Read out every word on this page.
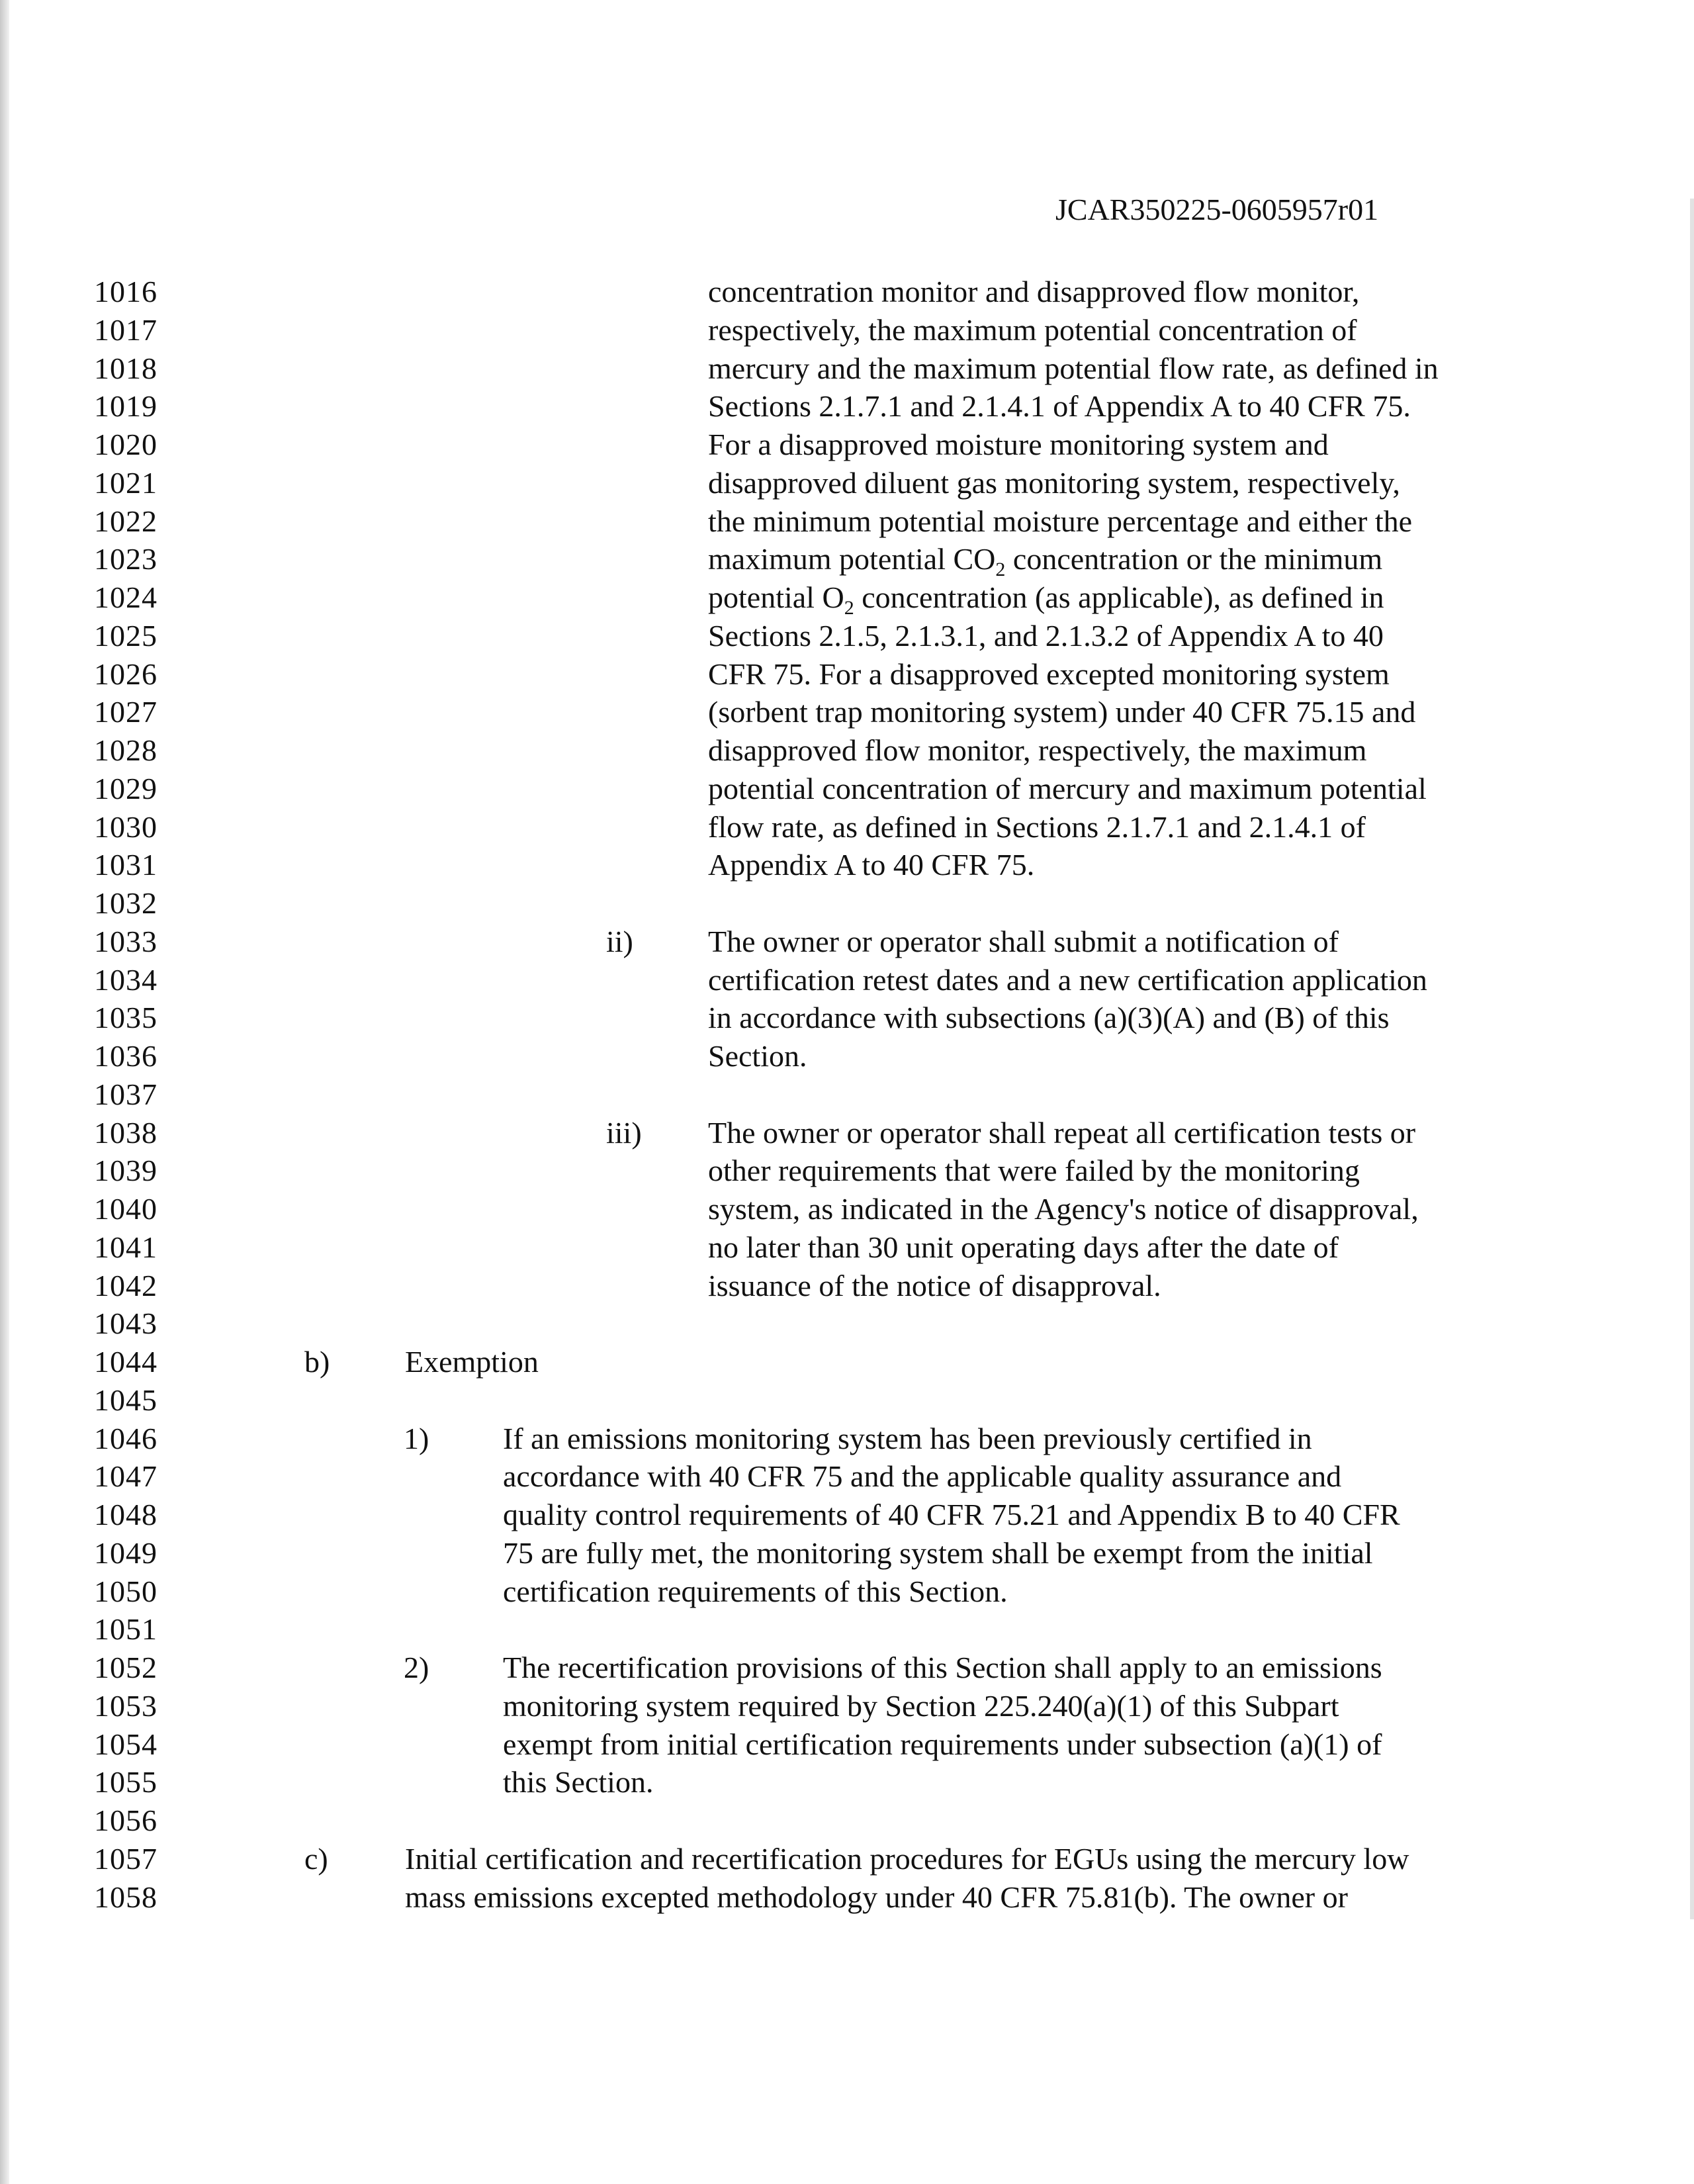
JCAR350225-0605957r01
1016	concentration monitor and disapproved flow monitor,
1017	respectively, the maximum potential concentration of
1018	mercury and the maximum potential flow rate, as defined in
1019	Sections 2.1.7.1 and 2.1.4.1 of Appendix A to 40 CFR 75.
1020	For a disapproved moisture monitoring system and
1021	disapproved diluent gas monitoring system, respectively,
1022	the minimum potential moisture percentage and either the
1023	maximum potential $CO_2$ concentration or the minimum
1024	potential $O_2$ concentration (as applicable), as defined in
1025	Sections 2.1.5, 2.1.3.1, and 2.1.3.2 of Appendix A to 40
1026	CFR 75. For a disapproved excepted monitoring system
1027	(sorbent trap monitoring system) under 40 CFR 75.15 and
1028	disapproved flow monitor, respectively, the maximum
1029	potential concentration of mercury and maximum potential
1030	flow rate, as defined in Sections 2.1.7.1 and 2.1.4.1 of
1031	Appendix A to 40 CFR 75.
1032
1033	ii) The owner or operator shall submit a notification of
1034	certification retest dates and a new certification application
1035	in accordance with subsections (a)(3)(A) and (B) of this
1036	Section.
1037
1038	iii) The owner or operator shall repeat all certification tests or
1039	other requirements that were failed by the monitoring
1040	system, as indicated in the Agency's notice of disapproval,
1041	no later than 30 unit operating days after the date of
1042	issuance of the notice of disapproval.
1043
1044	b) Exemption
1045
1046	1) If an emissions monitoring system has been previously certified in
1047	accordance with 40 CFR 75 and the applicable quality assurance and
1048	quality control requirements of 40 CFR 75.21 and Appendix B to 40 CFR
1049	75 are fully met, the monitoring system shall be exempt from the initial
1050	certification requirements of this Section.
1051
1052	2) The recertification provisions of this Section shall apply to an emissions
1053	monitoring system required by Section 225.240(a)(1) of this Subpart
1054	exempt from initial certification requirements under subsection (a)(1) of
1055	this Section.
1056
1057	c)	Initial certification and recertification procedures for EGUs using the mercury low
1058	mass emissions excepted methodology under 40 CFR 75.81(b). The owner or
